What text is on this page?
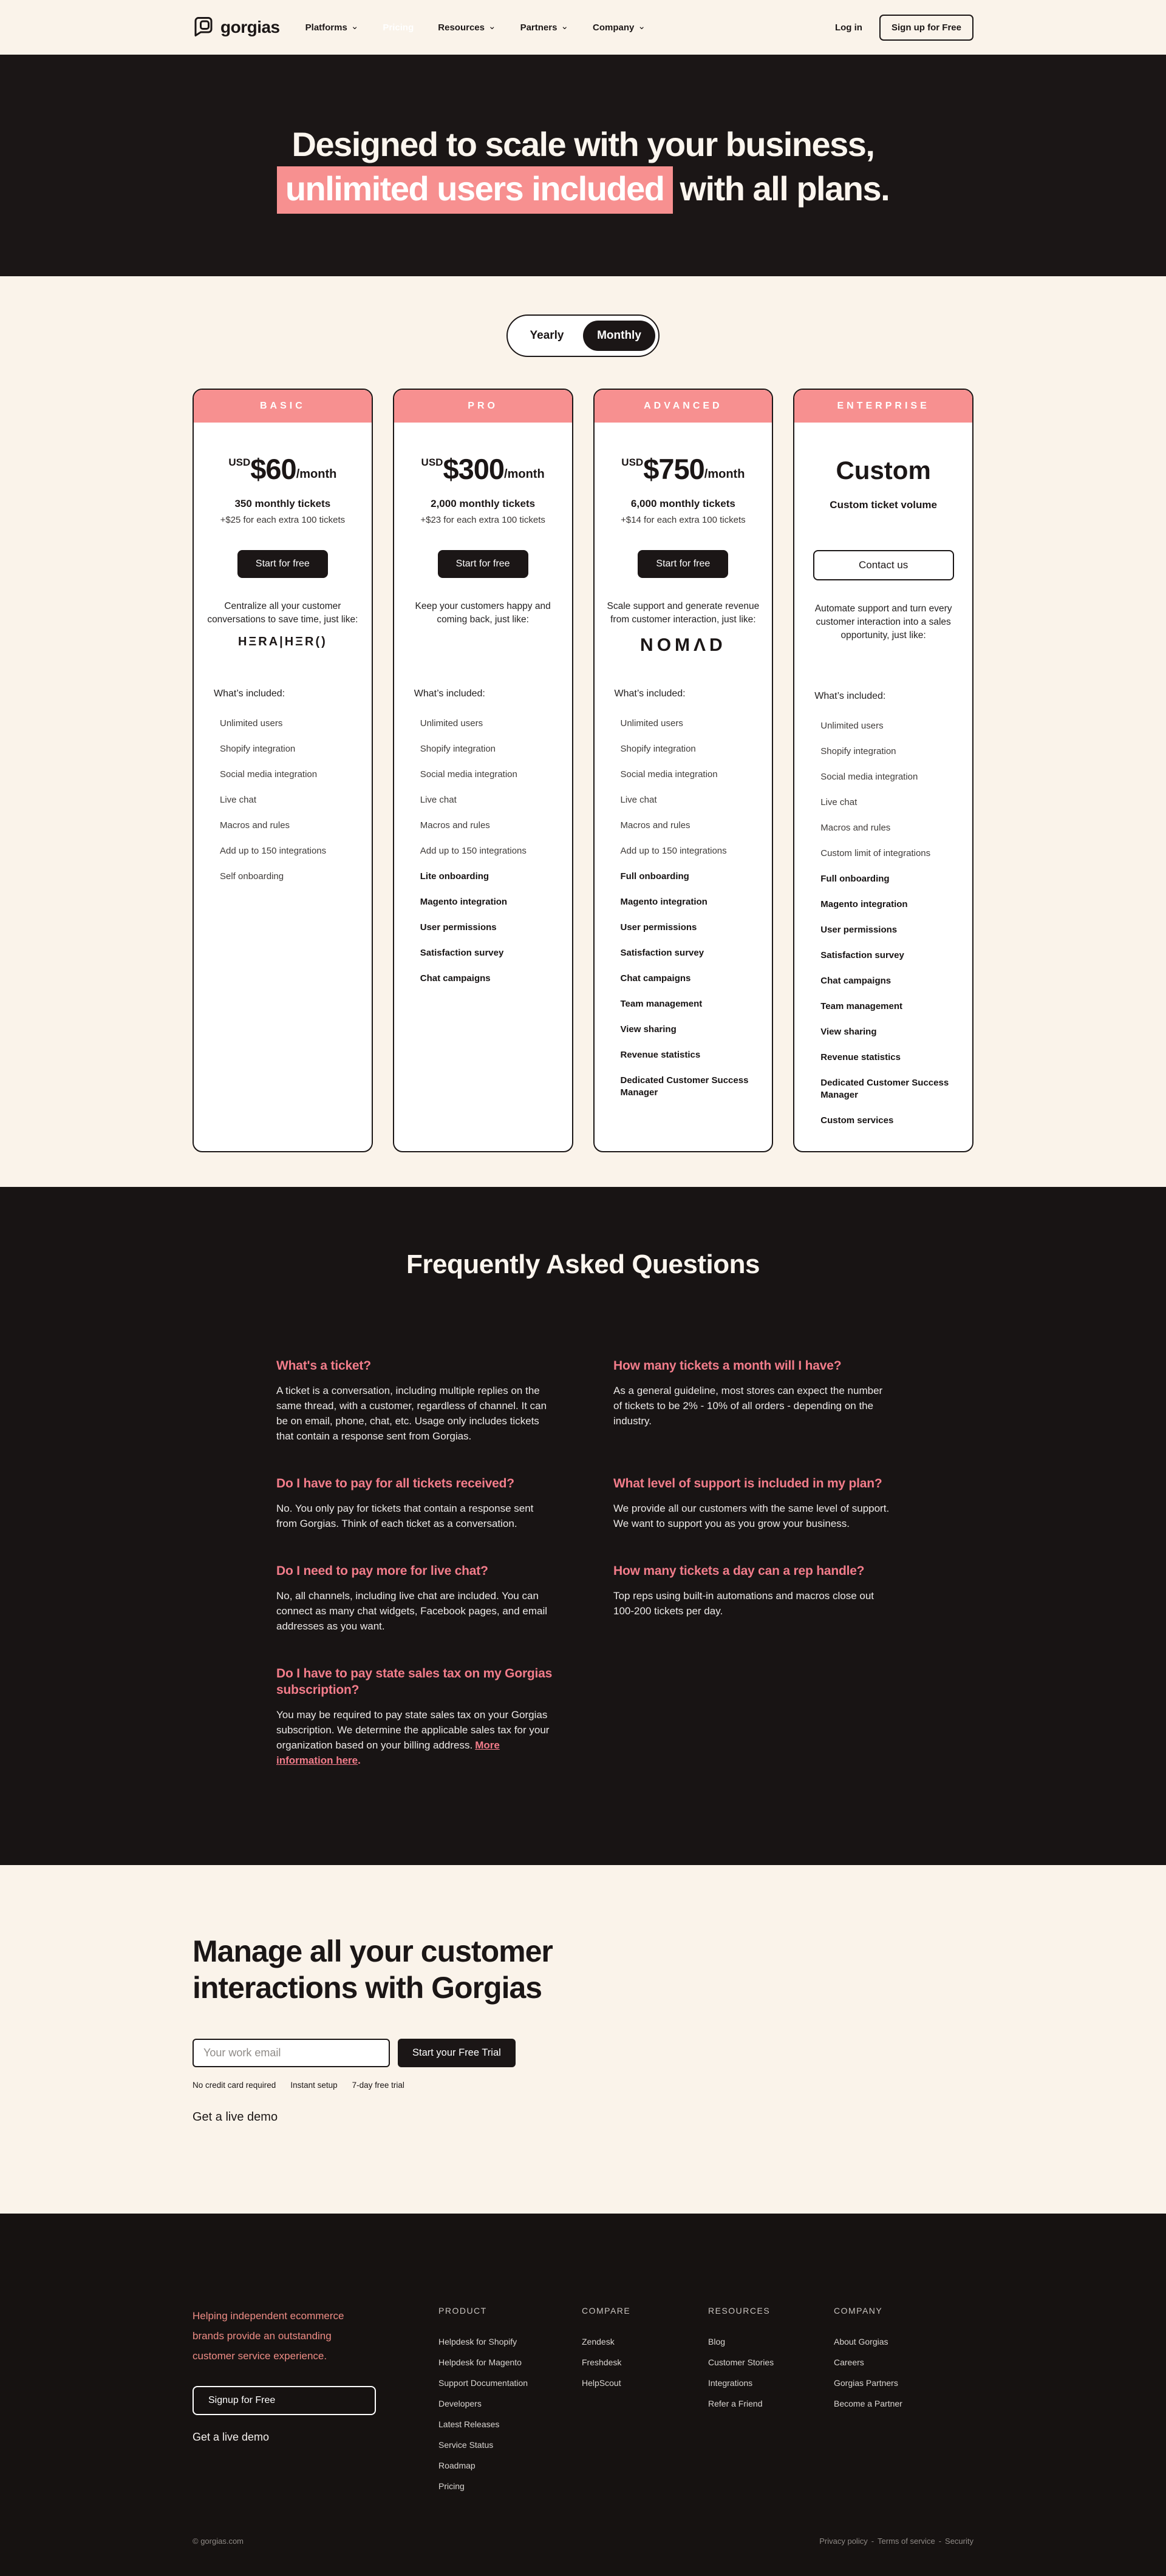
gorgias	Platforms ⌄	Pricing	Resources ⌄	Partners ⌄	Company ⌄	Log in	Sign up for Free
Designed to scale with your business,
unlimited users included with all plans.
Yearly	Monthly
BASIC
USD $60 /month
350 monthly tickets
+$25 for each extra 100 tickets
Start for free

Centralize all your customer conversations to save time, just like:

HΞRA|HΞR()
What’s included:
Unlimited users
Shopify integration
Social media integration
Live chat
Macros and rules
Add up to 150 integrations
Self onboarding
PRO
USD $300 /month
2,000 monthly tickets
+$23 for each extra 100 tickets
Start for free

Keep your customers happy and coming back, just like:

What’s included:
Unlimited users
Shopify integration
Social media integration
Live chat
Macros and rules
Add up to 150 integrations
Lite onboarding
Magento integration
User permissions
Satisfaction survey
Chat campaigns
ADVANCED
USD $750 /month
6,000 monthly tickets
+$14 for each extra 100 tickets
Start for free

Scale support and generate revenue from customer interaction, just like:

NOMΛD
What’s included:
Unlimited users
Shopify integration
Social media integration
Live chat
Macros and rules
Add up to 150 integrations
Full onboarding
Magento integration
User permissions
Satisfaction survey
Chat campaigns
Team management
View sharing
Revenue statistics
Dedicated Customer Success Manager
ENTERPRISE
Custom
Custom ticket volume
Contact us

Automate support and turn every customer interaction into a sales opportunity, just like:

What’s included:
Unlimited users
Shopify integration
Social media integration
Live chat
Macros and rules
Custom limit of integrations
Full onboarding
Magento integration
User permissions
Satisfaction survey
Chat campaigns
Team management
View sharing
Revenue statistics
Dedicated Customer Success Manager
Custom services
Frequently Asked Questions
What's a ticket?

A ticket is a conversation, including multiple replies on the same thread, with a customer, regardless of channel. It can be on email, phone, chat, etc. Usage only includes tickets that contain a response sent from Gorgias.

How many tickets a month will I have?

As a general guideline, most stores can expect the number of tickets to be 2% - 10% of all orders - depending on the industry.

Do I have to pay for all tickets received?

No. You only pay for tickets that contain a response sent from Gorgias. Think of each ticket as a conversation.

What level of support is included in my plan?

We provide all our customers with the same level of support. We want to support you as you grow your business.

Do I need to pay more for live chat?

No, all channels, including live chat are included. You can connect as many chat widgets, Facebook pages, and email addresses as you want.

How many tickets a day can a rep handle?

Top reps using built-in automations and macros close out 100-200 tickets per day.

Do I have to pay state sales tax on my Gorgias subscription?

You may be required to pay state sales tax on your Gorgias subscription. We determine the applicable sales tax for your organization based on your billing address. More information here.

Manage all your customer
interactions with Gorgias
Your work email
Start your Free Trial
No credit card required Instant setup 7-day free trial
Get a live demo

Helping independent ecommerce brands provide an outstanding customer service experience.

Signup for Free
Get a live demo
PRODUCT
Helpdesk for Shopify
Helpdesk for Magento
Support Documentation
Developers
Latest Releases
Service Status
Roadmap
Pricing
COMPARE
Zendesk
Freshdesk
HelpScout
RESOURCES
Blog
Customer Stories
Integrations
Refer a Friend
COMPANY
About Gorgias
Careers
Gorgias Partners
Become a Partner
© gorgias.com	Privacy policy - Terms of service - Security
